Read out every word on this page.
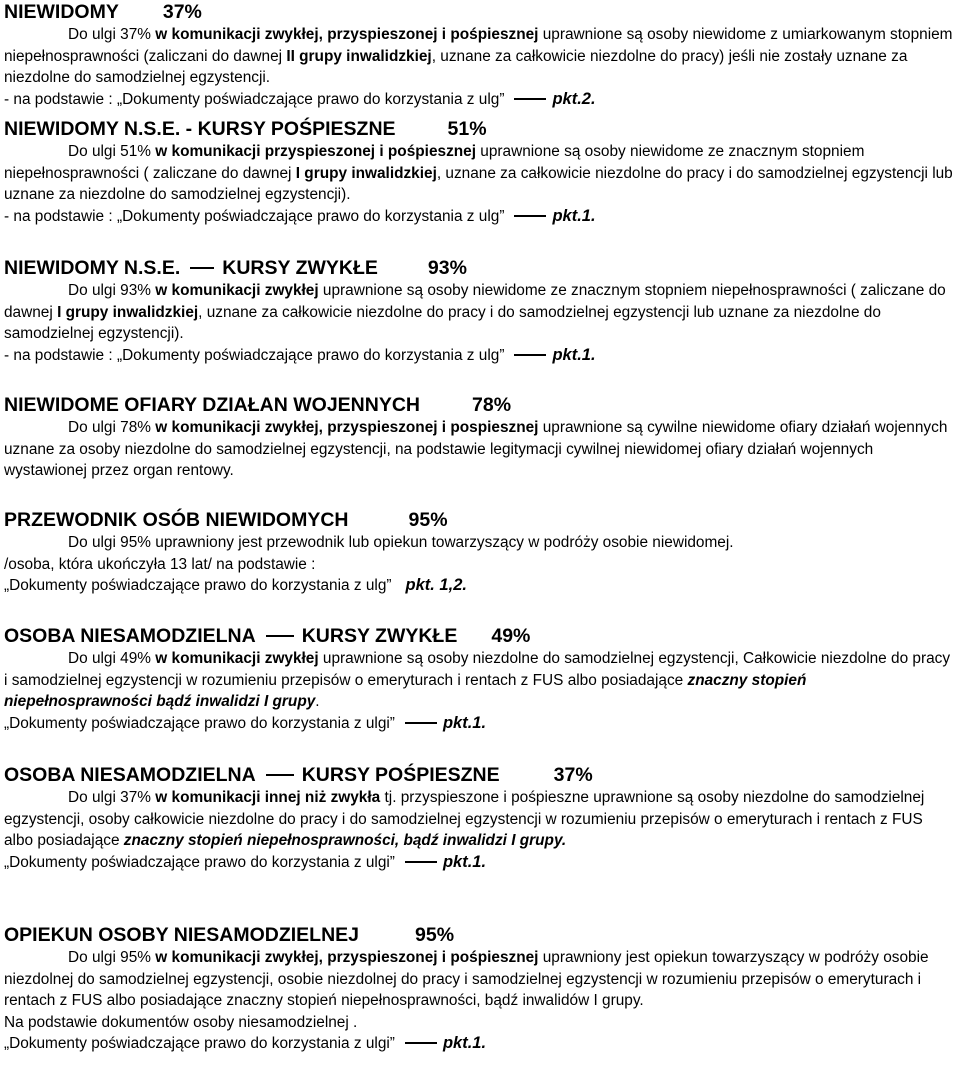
NIEWIDOMY 37%

Do ulgi 37% w komunikacji zwykłej, przyspieszonej i pośpiesznej uprawnione są osoby niewidome z umiarkowanym stopniem niepełnosprawności (zaliczani do dawnej II grupy inwalidzkiej, uznane za całkowicie niezdolne do pracy) jeśli nie zostały uznane za niezdolne do samodzielnej egzystencji.

- na podstawie : „Dokumenty poświadczające prawo do korzystania z ulg”	pkt.2.
NIEWIDOMY N.S.E. - KURSY POŚPIESZNE	51%

Do ulgi 51% w komunikacji przyspieszonej i pośpiesznej uprawnione są osoby niewidome ze znacznym stopniem niepełnosprawności ( zaliczane do dawnej I grupy inwalidzkiej, uznane za całkowicie niezdolne do pracy i do samodzielnej egzystencji lub uznane za niezdolne do samodzielnej egzystencji).

- na podstawie : „Dokumenty poświadczające prawo do korzystania z ulg”	pkt.1.
NIEWIDOMY N.S.E. KURSY ZWYKŁE	93%

Do ulgi 93% w komunikacji zwykłej uprawnione są osoby niewidome ze znacznym stopniem niepełnosprawności ( zaliczane do dawnej I grupy inwalidzkiej, uznane za całkowicie niezdolne do pracy i do samodzielnej egzystencji lub uznane za niezdolne do samodzielnej egzystencji).

- na podstawie : „Dokumenty poświadczające prawo do korzystania z ulg”	pkt.1.
NIEWIDOME OFIARY DZIAŁAN WOJENNYCH	78%

Do ulgi 78% w komunikacji zwykłej, przyspieszonej i pospiesznej uprawnione są cywilne niewidome ofiary działań wojennych uznane za osoby niezdolne do samodzielnej egzystencji, na podstawie legitymacji cywilnej niewidomej ofiary działań wojennych wystawionej przez organ rentowy.

PRZEWODNIK OSÓB NIEWIDOMYCH	95%

Do ulgi 95% uprawniony jest przewodnik lub opiekun towarzyszący w podróży osobie niewidomej.

/osoba, która ukończyła 13 lat/ na podstawie :

„Dokumenty poświadczające prawo do korzystania z ulg” pkt. 1,2.
OSOBA NIESAMODZIELNA KURSY ZWYKŁE 49%

Do ulgi 49% w komunikacji zwykłej uprawnione są osoby niezdolne do samodzielnej egzystencji, Całkowicie niezdolne do pracy i samodzielnej egzystencji w rozumieniu przepisów o emeryturach i rentach z FUS albo posiadające znaczny stopień niepełnosprawności bądź inwalidzi I grupy.

„Dokumenty poświadczające prawo do korzystania z ulgi”	pkt.1.
OSOBA NIESAMODZIELNA KURSY POŚPIESZNE	37%

Do ulgi 37% w komunikacji innej niż zwykła tj. przyspieszone i pośpieszne uprawnione są osoby niezdolne do samodzielnej egzystencji, osoby całkowicie niezdolne do pracy i do samodzielnej egzystencji w rozumieniu przepisów o emeryturach i rentach z FUS albo posiadające znaczny stopień niepełnosprawności, bądź inwalidzi I grupy.

„Dokumenty poświadczające prawo do korzystania z ulgi”	pkt.1.
OPIEKUN OSOBY NIESAMODZIELNEJ	95%

Do ulgi 95% w komunikacji zwykłej, przyspieszonej i pośpiesznej uprawniony jest opiekun towarzyszący w podróży osobie niezdolnej do samodzielnej egzystencji, osobie niezdolnej do pracy i samodzielnej egzystencji w rozumieniu przepisów o emeryturach i rentach z FUS albo posiadające znaczny stopień niepełnosprawności, bądź inwalidów I grupy.

Na podstawie dokumentów osoby niesamodzielnej .

„Dokumenty poświadczające prawo do korzystania z ulgi”	pkt.1.
